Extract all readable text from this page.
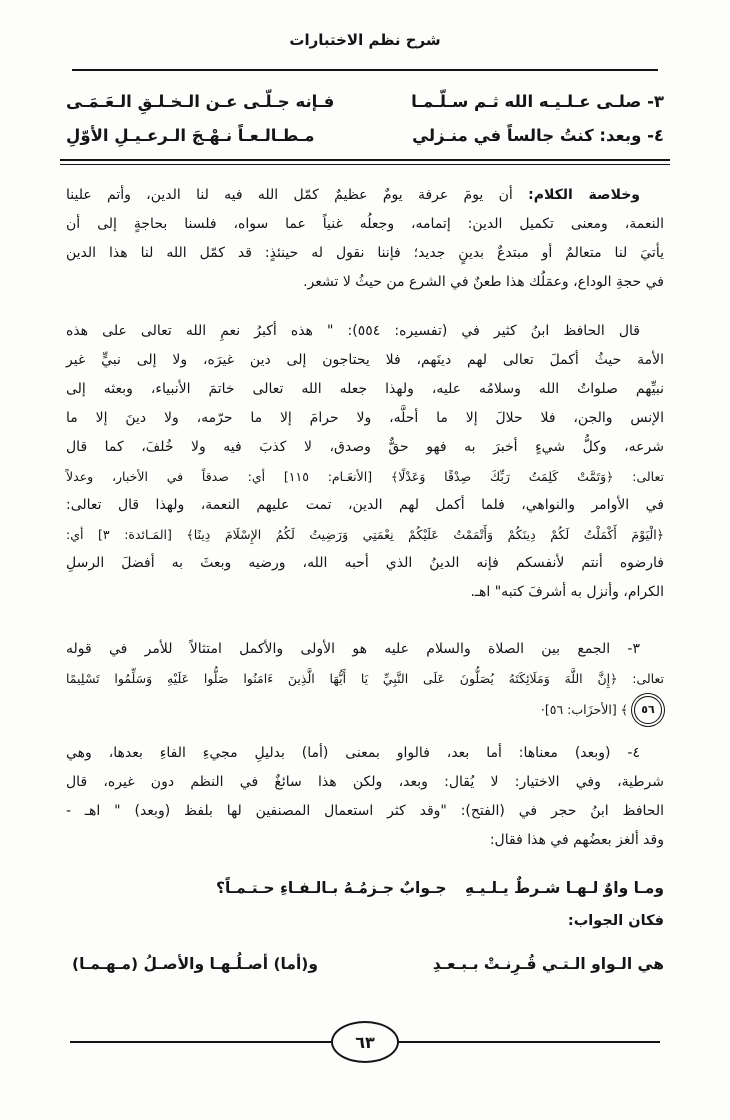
شرح نظم الاختبارات
٣- صلـى عـلـيـه الله ثـم سـلّـمـا
فـإنه جـلّـى عـن الـخـلـقِ الـعَـمَـى
٤- وبعد: كنتُ جالساً في منـزلي
مـطـالـعـاً نـهْـجَ الـرعـيـلِ الأوّلِ
وخلاصة الكلام: أن يومَ عرفة يومٌ عظيمٌ كمّل الله فيه لنا الدين، وأتم علينا
النعمة، ومعنى تكميل الدين: إتمامه، وجعلُه غنياً عما سواه، فلسنا بحاجةٍ إلى أن
يأتيَ لنا متعالمٌ أو مبتدعٌ بدينٍ جديد؛ فإننا نقول له حينئذٍ: قد كمّل الله لنا هذا الدين
في حجةِ الوداع، وعمَلُك هذا طعنٌ في الشرع من حيثُ لا تشعر.
قال الحافظ ابنُ كثير في (تفسيره: ٥٥٤): " هذه أكبرُ نعمِ الله تعالى على هذه
الأمة حيثُ أكملَ تعالى لهم دينَهم، فلا يحتاجون إلى دين غيرَه، ولا إلى نبيٍّ غير
نبيِّهم صلواتُ الله وسلامُه عليه، ولهذا جعله الله تعالى خاتمَ الأنبياء، وبعثه إلى
الإنس والجن، فلا حلالَ إلا ما أحلَّه، ولا حرامَ إلا ما حرّمه، ولا دينَ إلا ما
شرعه، وكلُّ شيءٍ أخبرَ به فهو حقٌّ وصدق، لا كذبَ فيه ولا خُلفَ، كما قال
تعالى: ﴿وَتَمَّتْ كَلِمَتُ رَبِّكَ صِدْقًا وَعَدْلًا﴾ [الأنعَـام: ١١٥] أي: صدقاً في الأخبار، وعدلاً
في الأوامر والنواهي، فلما أكمل لهم الدين، تمت عليهم النعمة، ولهذا قال تعالى:
﴿الْيَوْمَ أَكْمَلْتُ لَكُمْ دِينَكُمْ وَأَتْمَمْتُ عَلَيْكُمْ نِعْمَتِي وَرَضِيتُ لَكُمُ الإِسْلَامَ دِينًا﴾ [المَـائدة: ٣] أي:
فارضوه أنتم لأنفسكم فإنه الدينُ الذي أحبه الله، ورضيه وبعثَ به أفضلَ الرسلِ
الكرام، وأنزل به أشرفَ كتبه" اهـ.
٣- الجمع بين الصلاة والسلام عليه هو الأولى والأكمل امتثالاً للأمر في قوله
تعالى: ﴿إِنَّ اللَّهَ وَمَلَائِكَتَهُ يُصَلُّونَ عَلَى النَّبِيِّ يَا أَيُّهَا الَّذِينَ ءَامَنُوا صَلُّوا عَلَيْهِ وَسَلِّمُوا تَسْلِيمًا
٥٦﴾ [الأحزَاب: ٥٦]·
٤- (وبعد) معناها: أما بعد، فالواو بمعنى (أما) بدليلِ مجيءِ الفاءِ بعدها، وهي
شرطية، وفي الاختيار: لا يُقال: وبعد، ولكن هذا سائغٌ في النظم دون غيره، قال
الحافظ ابنُ حجر في (الفتح): "وقد كثر استعمال المصنفين لها بلفظ (وبعد) " اهـ -
وقد ألغز بعضُهم في هذا فقال:
ومـا واوٌ لـهـا شـرطٌ يـلـيـهِ
جـوابٌ جـزمُـهُ بـالـفـاءِ حـتـمـاً؟
فكان الجواب:
هي الـواو الـتـي قُـرِنـتْ بـبـعـدِ
و(أما) أصـلُـهـا والأصـلُ (مـهـمـا)
٦٣
